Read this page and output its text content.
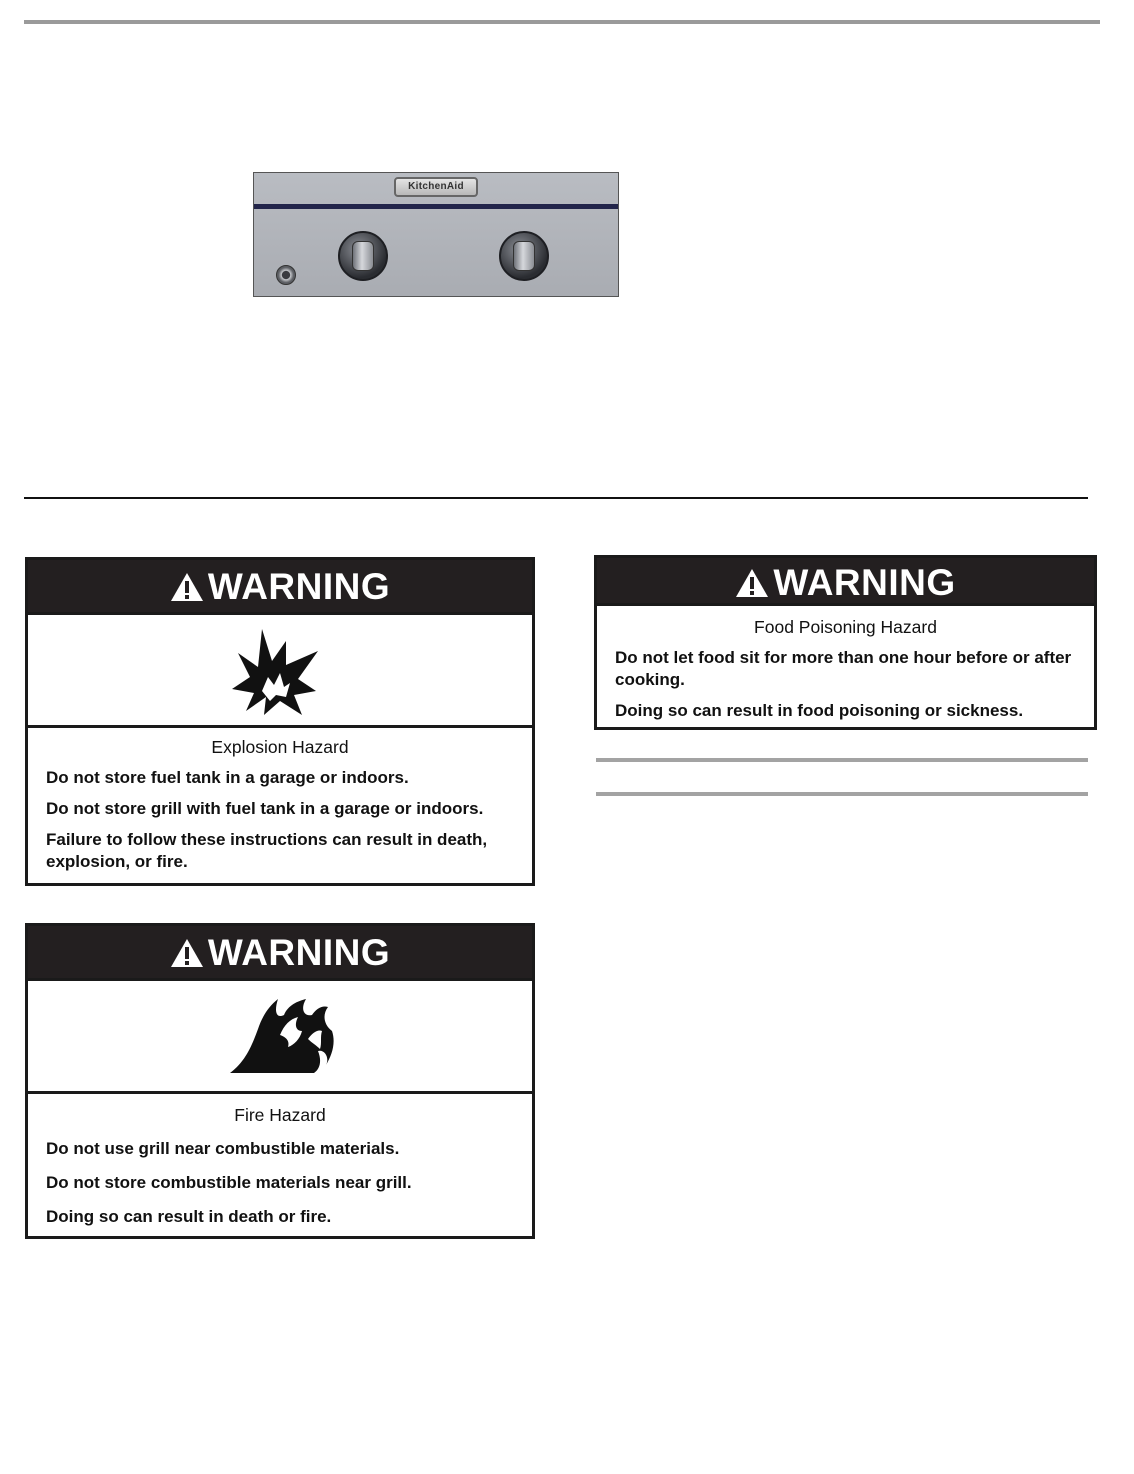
KitchenAid
WARNING
Explosion Hazard

Do not store fuel tank in a garage or indoors.

Do not store grill with fuel tank in a garage or indoors.

Failure to follow these instructions can result in death, explosion, or fire.

WARNING
Fire Hazard

Do not use grill near combustible materials.

Do not store combustible materials near grill.

Doing so can result in death or fire.

WARNING
Food Poisoning Hazard

Do not let food sit for more than one hour before or after cooking.

Doing so can result in food poisoning or sickness.
